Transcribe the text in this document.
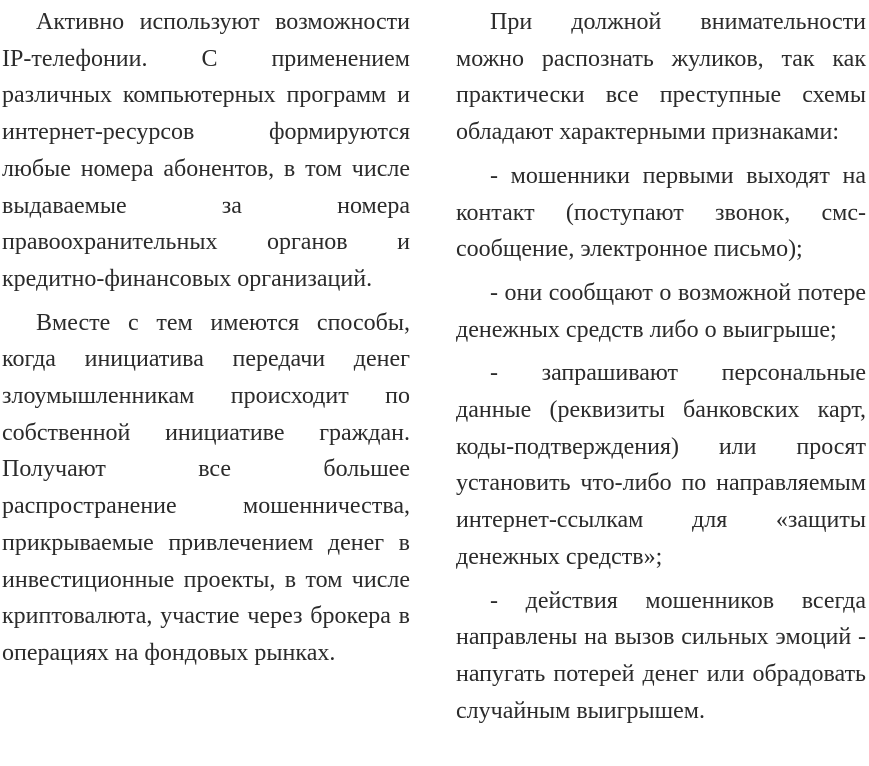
Активно используют возможности IP-телефонии. С применением различных компьютерных программ и интернет-ресурсов формируются любые номера абонентов, в том числе выдаваемые за номера правоохранительных органов и кредитно-финансовых организаций.

Вместе с тем имеются способы, когда инициатива передачи денег злоумышленникам происходит по собственной инициативе граждан. Получают все большее распространение мошенничества, прикрываемые привлечением денег в инвестиционные проекты, в том числе криптовалюта, участие через брокера в операциях на фондовых рынках.

При должной внимательности можно распознать жуликов, так как практически все преступные схемы обладают характерными признаками:

- мошенники первыми выходят на контакт (поступают звонок, смс-сообщение, электронное письмо);

- они сообщают о возможной потере денежных средств либо о выигрыше;

- запрашивают персональные данные (реквизиты банковских карт, коды-подтверждения) или просят установить что-либо по направляемым интернет-ссылкам для «защиты денежных средств»;

- действия мошенников всегда направлены на вызов сильных эмоций - напугать потерей денег или обрадовать случайным выигрышем.
